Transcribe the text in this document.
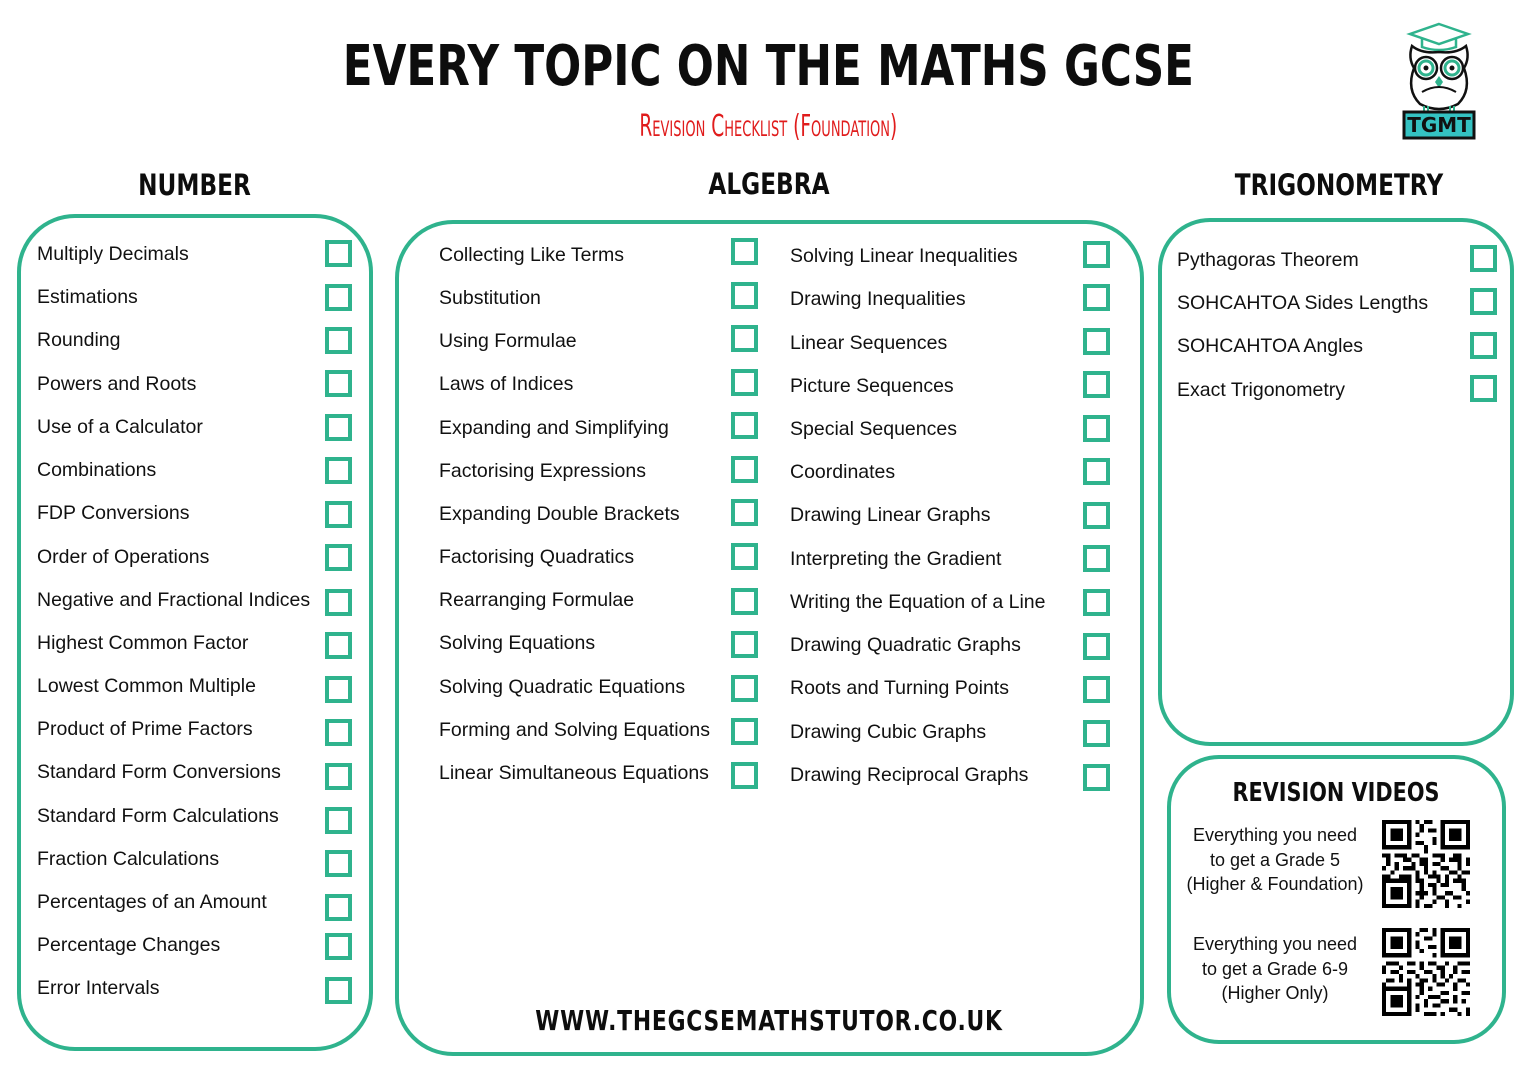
EVERY TOPIC ON THE MATHS GCSE
Revision Checklist (Foundation)	TGMT
NUMBER	ALGEBRA	TRIGONOMETRY
Multiply Decimals
Estimations
Rounding
Powers and Roots
Use of a Calculator
Combinations
FDP Conversions
Order of Operations
Negative and Fractional Indices
Highest Common Factor
Lowest Common Multiple
Product of Prime Factors
Standard Form Conversions
Standard Form Calculations
Fraction Calculations
Percentages of an Amount
Percentage Changes
Error Intervals
Collecting Like Terms
Substitution
Using Formulae
Laws of Indices
Expanding and Simplifying
Factorising Expressions
Expanding Double Brackets
Factorising Quadratics
Rearranging Formulae
Solving Equations
Solving Quadratic Equations
Forming and Solving Equations
Linear Simultaneous Equations
Solving Linear Inequalities
Drawing Inequalities
Linear Sequences
Picture Sequences
Special Sequences
Coordinates
Drawing Linear Graphs
Interpreting the Gradient
Writing the Equation of a Line
Drawing Quadratic Graphs
Roots and Turning Points
Drawing Cubic Graphs
Drawing Reciprocal Graphs
Pythagoras Theorem
SOHCAHTOA Sides Lengths
SOHCAHTOA Angles
Exact Trigonometry
REVISION VIDEOS
Everything you need
to get a Grade 5
(Higher & Foundation)
Everything you need
to get a Grade 6-9
(Higher Only)
WWW.THEGCSEMATHSTUTOR.CO.UK
